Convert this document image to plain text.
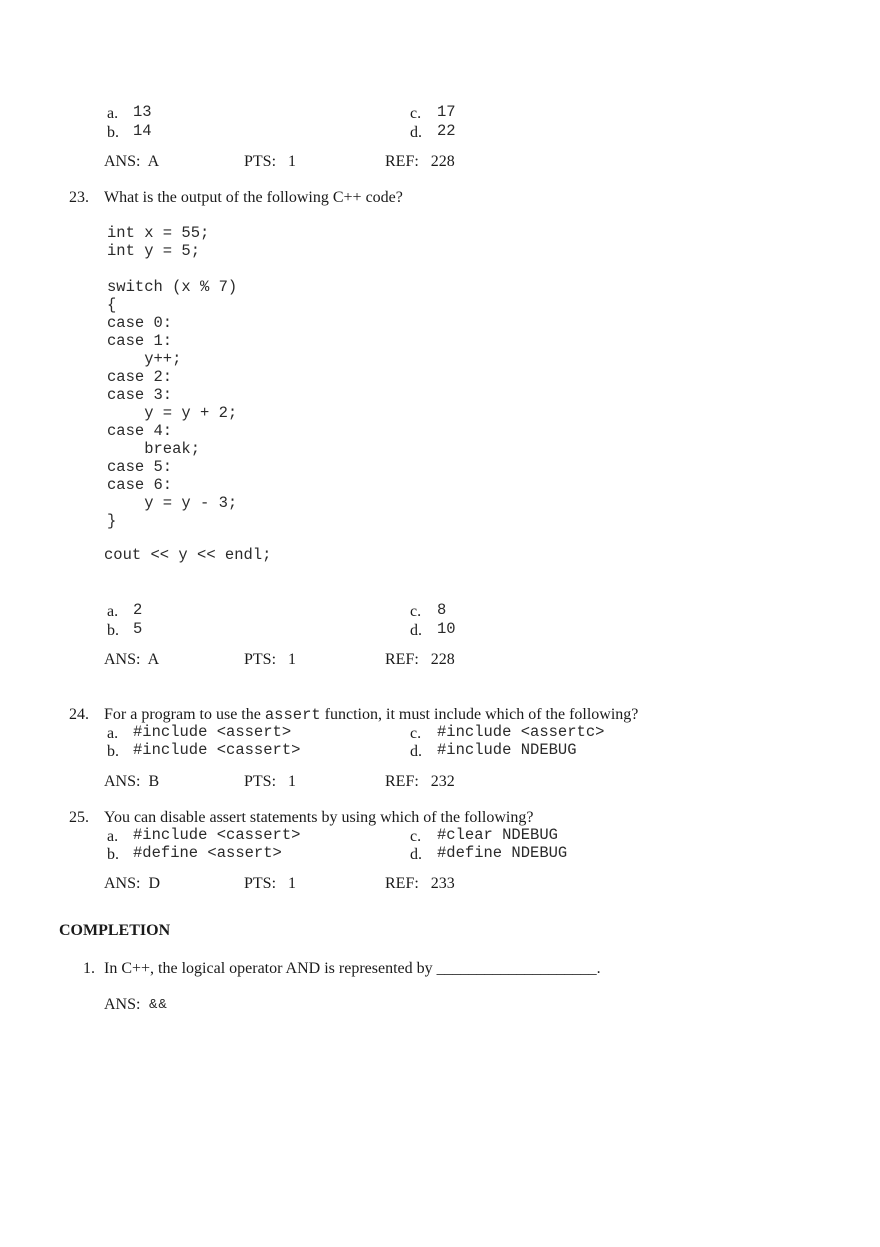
a. 13	c. 17
b. 14	d. 22
ANS:  A	PTS:   1	REF:   228
23. What is the output of the following C++ code?
int x = 55;
int y = 5;
switch (x % 7)
{
case 0:
case 1:
y++;
case 2:
case 3:
y = y + 2;
case 4:
break;
case 5:
case 6:
y = y - 3;
}
cout << y << endl;
a. 2	c. 8
b. 5	d. 10
ANS:  A	PTS:   1	REF:   228
24. For a program to use the assert function, it must include which of the following?
a. #include <assert>	c. #include <assertc>
b. #include <cassert>	d. #include NDEBUG
ANS:  B	PTS:   1	REF:   232
25. You can disable assert statements by using which of the following?
a. #include <cassert>	c. #clear NDEBUG
b. #define <assert>	d. #define NDEBUG
ANS:  D	PTS:   1	REF:   233
COMPLETION
1. In C++, the logical operator AND is represented by ____________________.
ANS: &&
